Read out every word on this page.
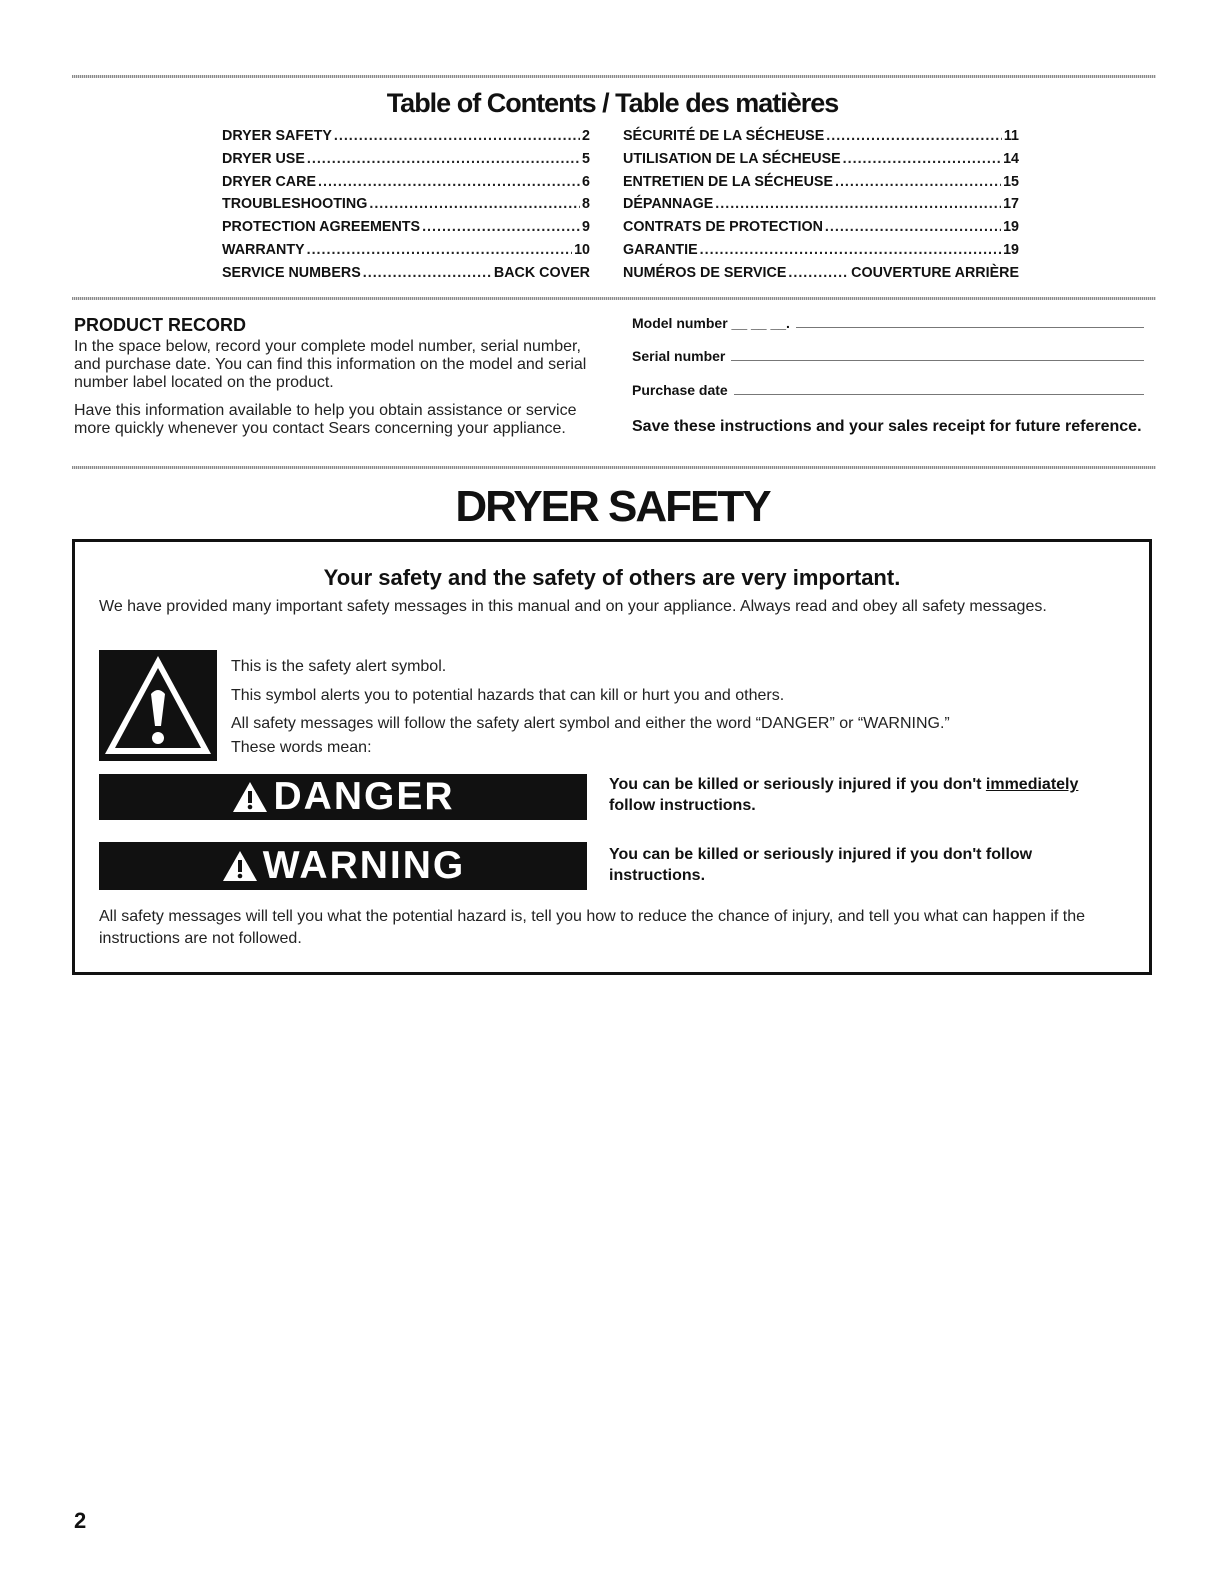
Table of Contents / Table des matières
DRYER SAFETY .....	2
DRYER USE .....	5
DRYER CARE .....	6
TROUBLESHOOTING .....	8
PROTECTION AGREEMENTS .....	9
WARRANTY .....	10
SERVICE NUMBERS .....	BACK COVER
SÉCURITÉ DE LA SÉCHEUSE .....	11
UTILISATION DE LA SÉCHEUSE .....	14
ENTRETIEN DE LA SÉCHEUSE .....	15
DÉPANNAGE .....	17
CONTRATS DE PROTECTION .....	19
GARANTIE .....	19
NUMÉROS DE SERVICE .....	COUVERTURE ARRIÈRE
PRODUCT RECORD
In the space below, record your complete model number, serial number, and purchase date. You can find this information on the model and serial number label located on the product.
Have this information available to help you obtain assistance or service more quickly whenever you contact Sears concerning your appliance.
Model number __ __ __.
Serial number
Purchase date
Save these instructions and your sales receipt for future reference.
DRYER SAFETY
Your safety and the safety of others are very important.
We have provided many important safety messages in this manual and on your appliance. Always read and obey all safety messages.
This is the safety alert symbol.
This symbol alerts you to potential hazards that can kill or hurt you and others.
All safety messages will follow the safety alert symbol and either the word “DANGER” or “WARNING.”
These words mean:
DANGER	You can be killed or seriously injured if you don't immediately follow instructions.
WARNING	You can be killed or seriously injured if you don't follow instructions.
All safety messages will tell you what the potential hazard is, tell you how to reduce the chance of injury, and tell you what can happen if the instructions are not followed.
2
